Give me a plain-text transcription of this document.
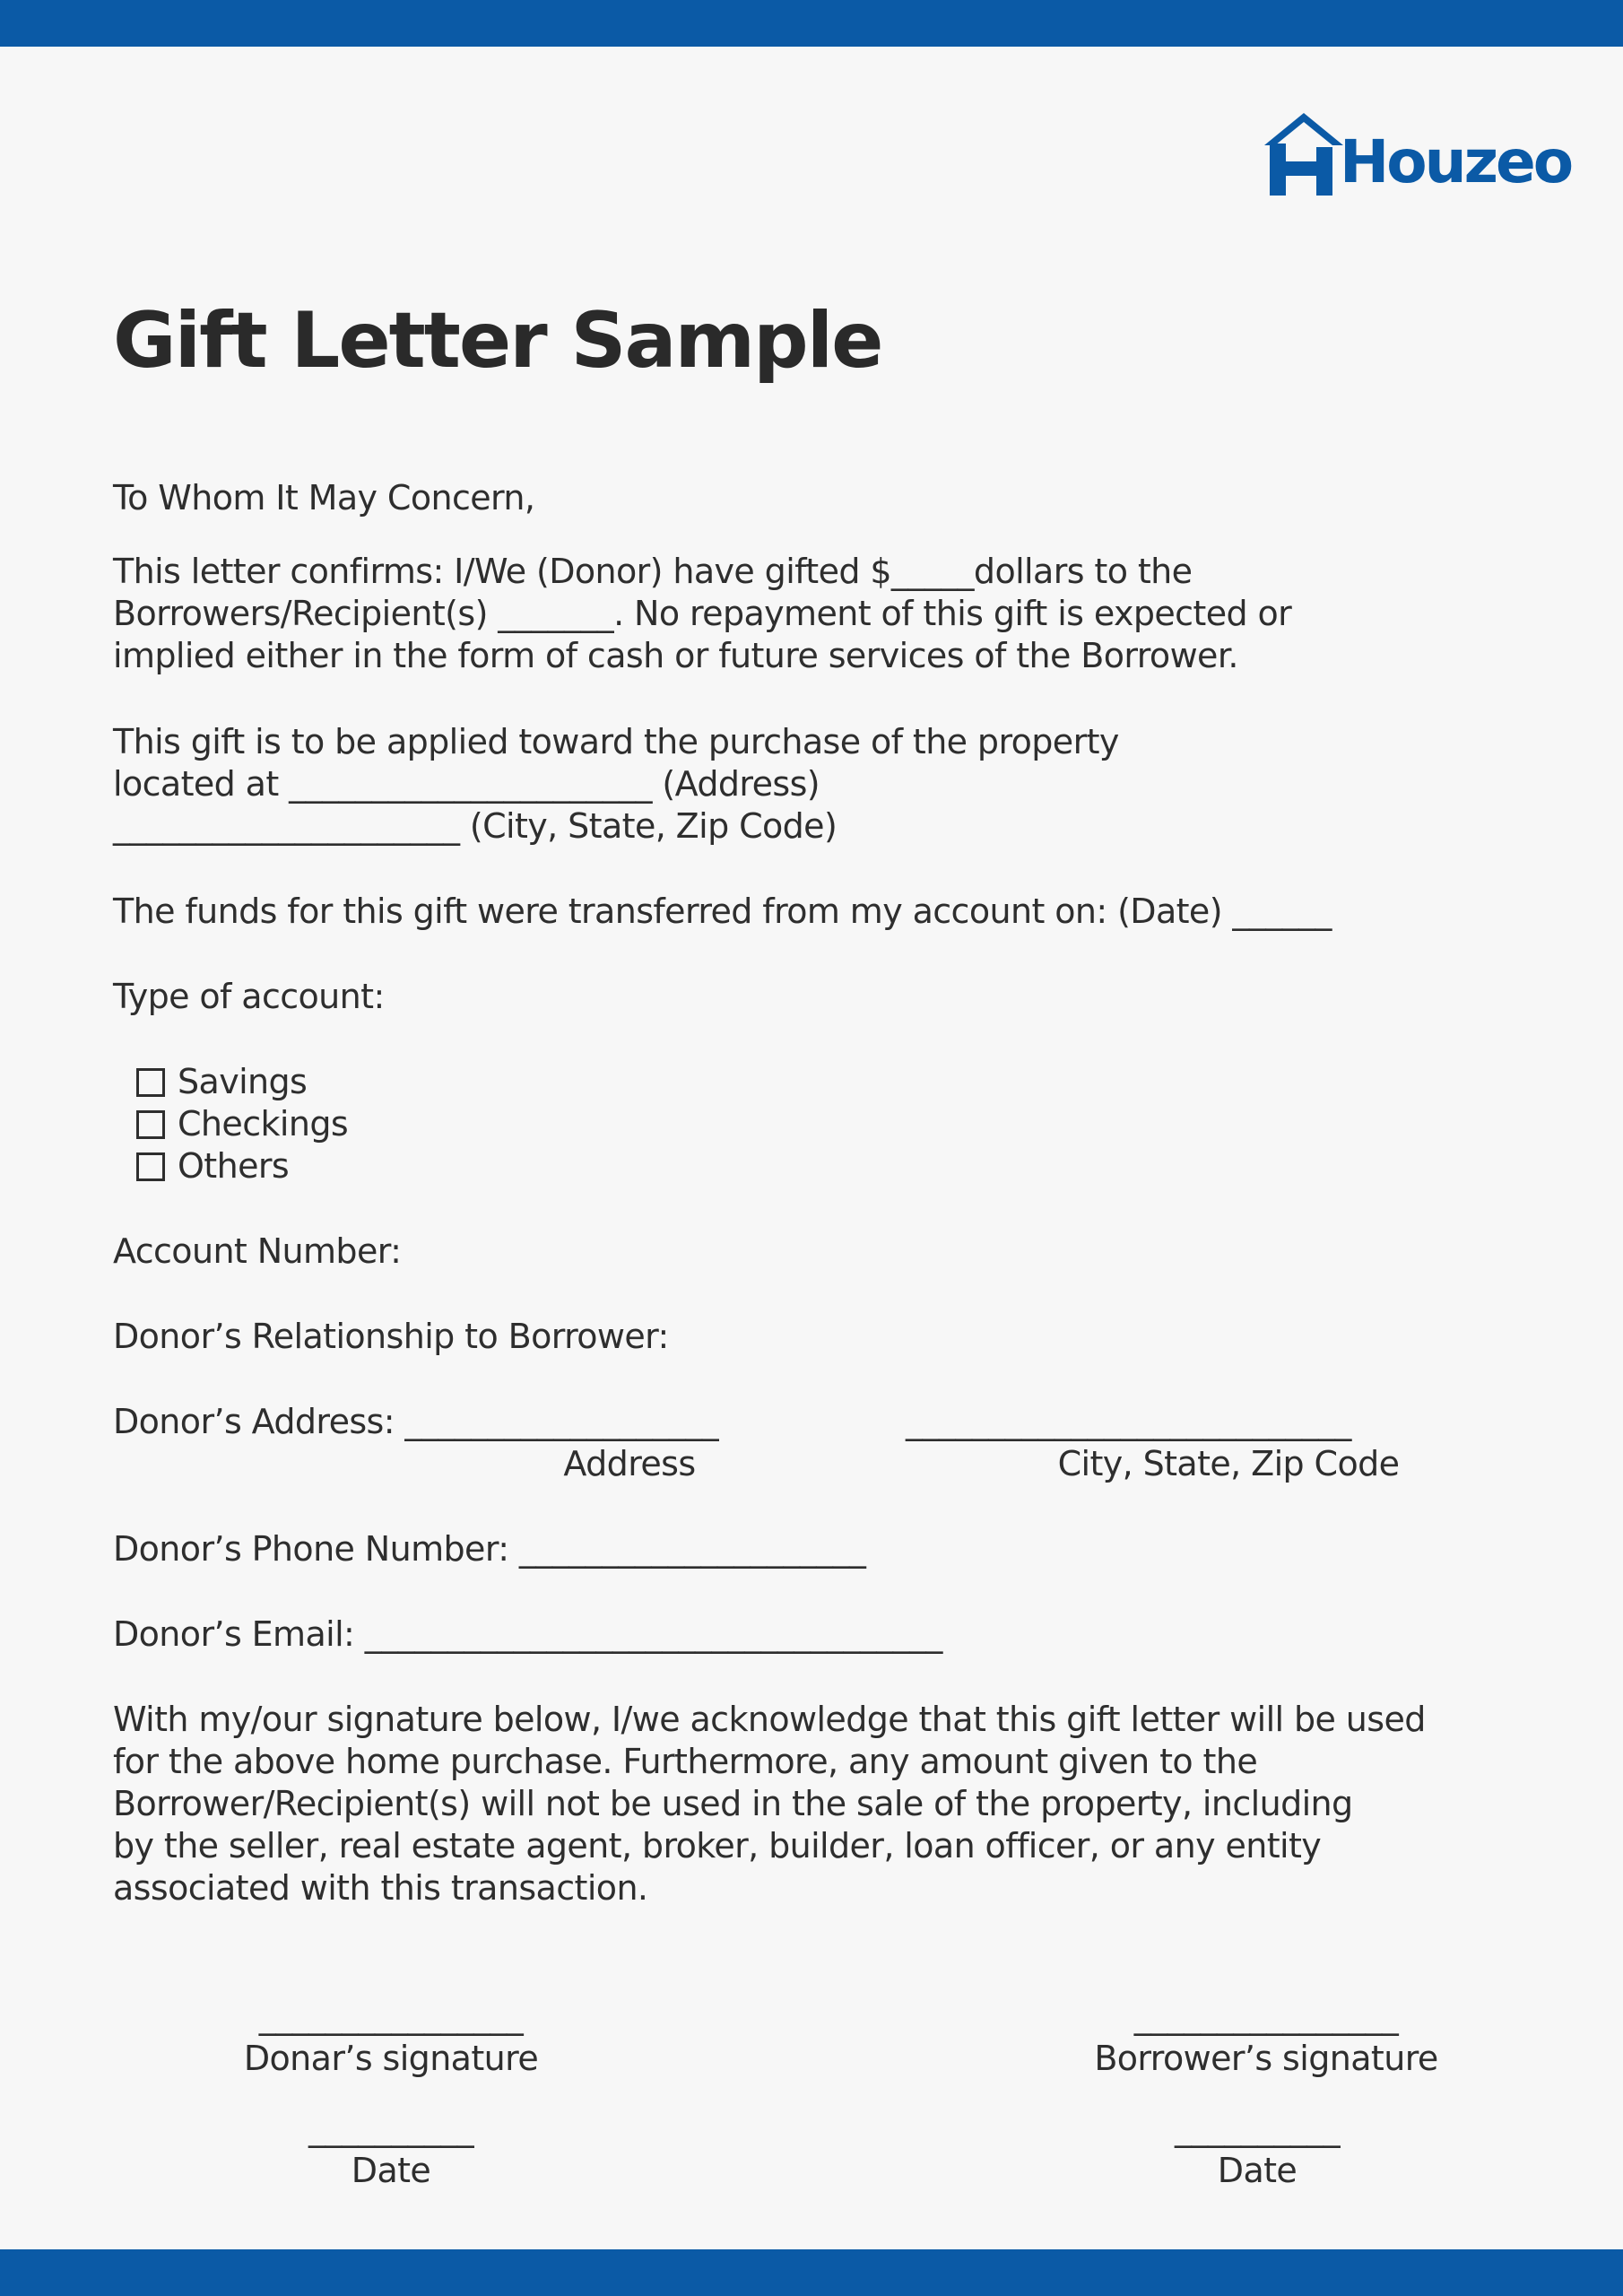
Houzeo
Gift Letter Sample
To Whom It May Concern,
This letter confirms: I/We (Donor) have gifted $_____dollars to the
Borrowers/Recipient(s) _______. No repayment of this gift is expected or
implied either in the form of cash or future services of the Borrower.
This gift is to be applied toward the purchase of the property
located at ______________________ (Address)
_____________________ (City, State, Zip Code)
The funds for this gift were transferred from my account on: (Date) ______
Type of account:
Savings
Checkings
Others
Account Number:
Donor’s Relationship to Borrower:
Donor’s Address: ___________________	___________________________
Address	City, State, Zip Code
Donor’s Phone Number: _____________________
Donor’s Email: ___________________________________
With my/our signature below, I/we acknowledge that this gift letter will be used
for the above home purchase. Furthermore, any amount given to the
Borrower/Recipient(s) will not be used in the sale of the property, including
by the seller, real estate agent, broker, builder, loan officer, or any entity
associated with this transaction.
________________
Donar’s signature
________________
Borrower’s signature
__________
Date
__________
Date
